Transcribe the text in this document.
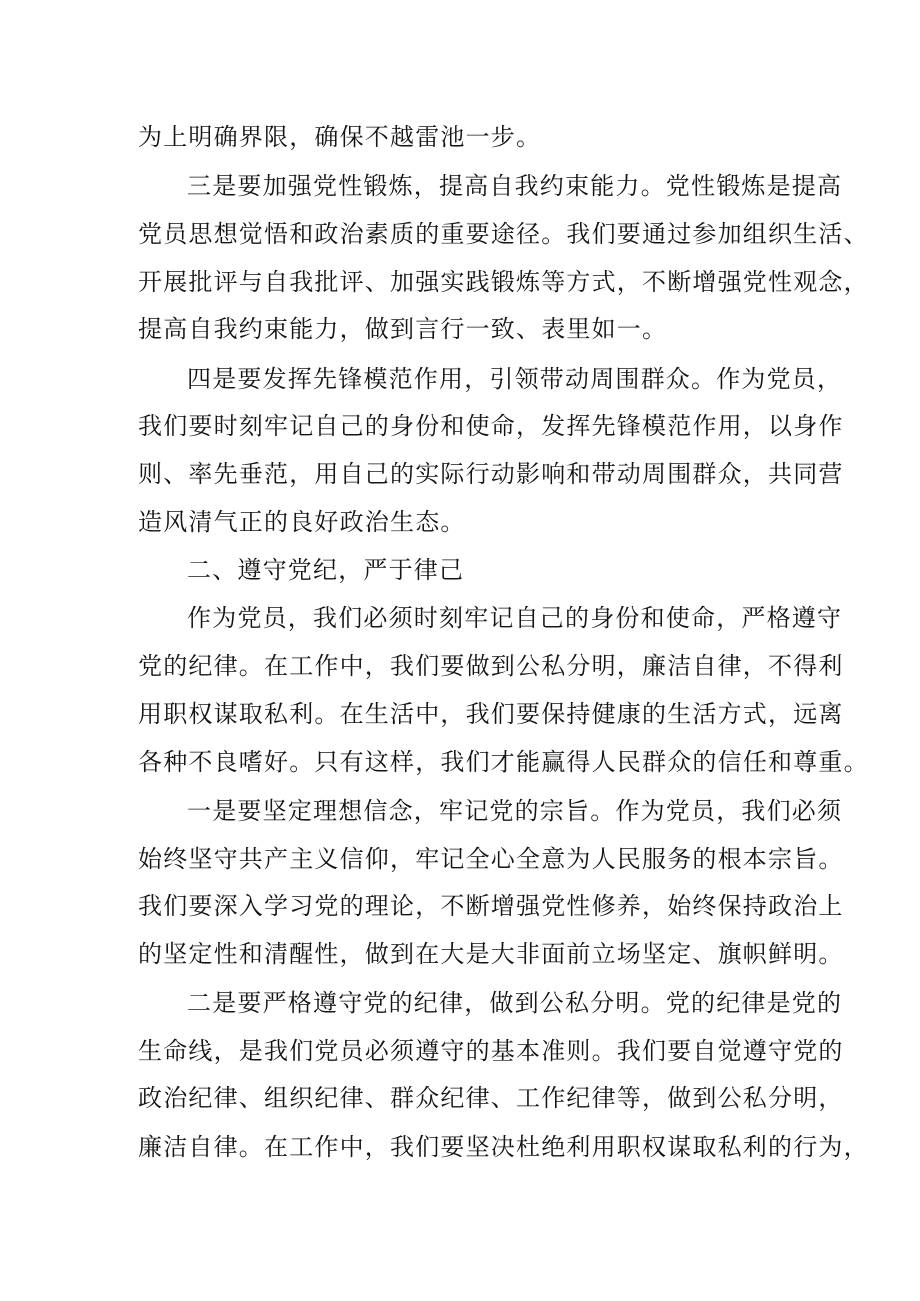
为上明确界限，确保不越雷池一步。
三是要加强党性锻炼，提高自我约束能力。党性锻炼是提高
党员思想觉悟和政治素质的重要途径。我们要通过参加组织生活、
开展批评与自我批评、加强实践锻炼等方式，不断增强党性观念，
提高自我约束能力，做到言行一致、表里如一。
四是要发挥先锋模范作用，引领带动周围群众。作为党员，
我们要时刻牢记自己的身份和使命，发挥先锋模范作用，以身作
则、率先垂范，用自己的实际行动影响和带动周围群众，共同营
造风清气正的良好政治生态。
二、遵守党纪，严于律己
作为党员，我们必须时刻牢记自己的身份和使命，严格遵守
党的纪律。在工作中，我们要做到公私分明，廉洁自律，不得利
用职权谋取私利。在生活中，我们要保持健康的生活方式，远离
各种不良嗜好。只有这样，我们才能赢得人民群众的信任和尊重。
一是要坚定理想信念，牢记党的宗旨。作为党员，我们必须
始终坚守共产主义信仰，牢记全心全意为人民服务的根本宗旨。
我们要深入学习党的理论，不断增强党性修养，始终保持政治上
的坚定性和清醒性，做到在大是大非面前立场坚定、旗帜鲜明。
二是要严格遵守党的纪律，做到公私分明。党的纪律是党的
生命线，是我们党员必须遵守的基本准则。我们要自觉遵守党的
政治纪律、组织纪律、群众纪律、工作纪律等，做到公私分明，
廉洁自律。在工作中，我们要坚决杜绝利用职权谋取私利的行为，
